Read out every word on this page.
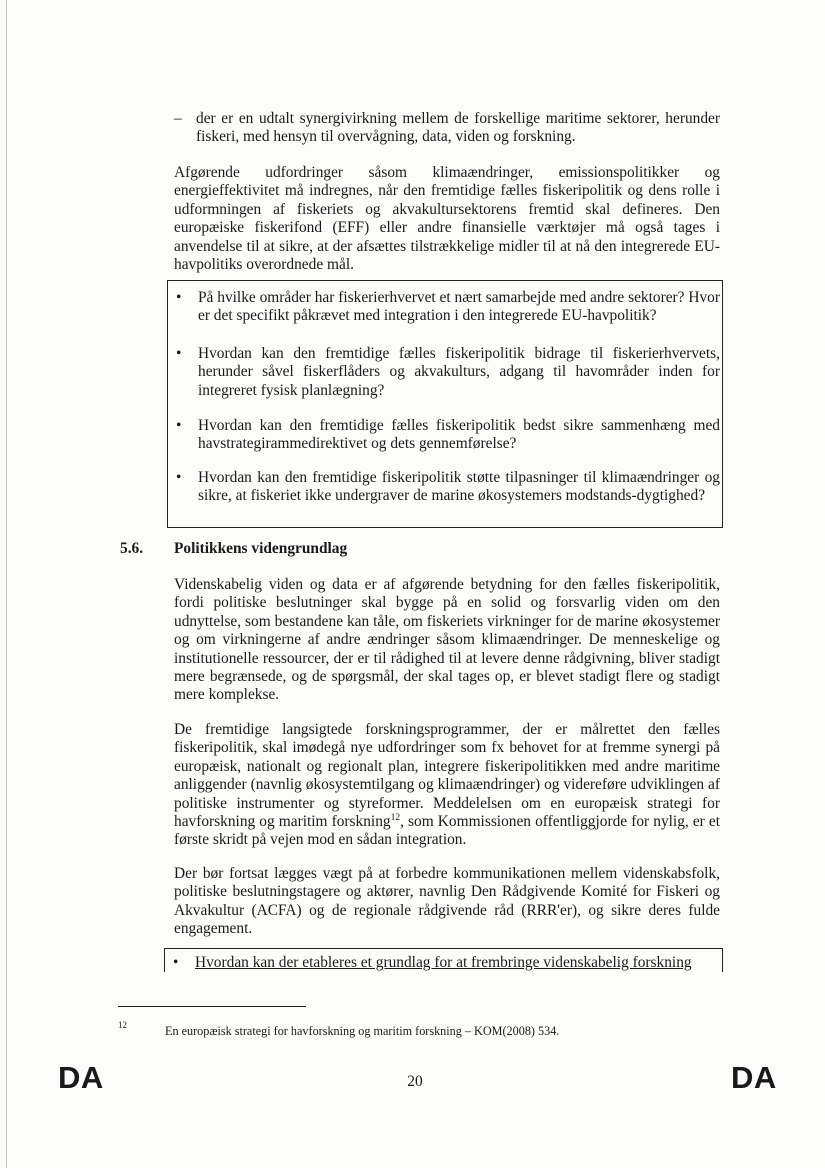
– der er en udtalt synergivirkning mellem de forskellige maritime sektorer, herunder fiskeri, med hensyn til overvågning, data, viden og forskning.

Afgørende udfordringer såsom klimaændringer, emissionspolitikker og energieffektivitet må indregnes, når den fremtidige fælles fiskeripolitik og dens rolle i udformningen af fiskeriets og akvakultursektorens fremtid skal defineres. Den europæiske fiskerifond (EFF) eller andre finansielle værktøjer må også tages i anvendelse til at sikre, at der afsættes tilstrækkelige midler til at nå den integrerede EU-havpolitiks overordnede mål.

•	På hvilke områder har fiskerierhvervet et nært samarbejde med andre sektorer? Hvor er det specifikt påkrævet med integration i den integrerede EU-havpolitik?
•	Hvordan kan den fremtidige fælles fiskeripolitik bidrage til fiskerierhvervets, herunder såvel fiskerflåders og akvakulturs, adgang til havområder inden for integreret fysisk planlægning?
•	Hvordan kan den fremtidige fælles fiskeripolitik bedst sikre sammenhæng med havstrategirammedirektivet og dets gennemførelse?
•	Hvordan kan den fremtidige fiskeripolitik støtte tilpasninger til klimaændringer og sikre, at fiskeriet ikke undergraver de marine økosystemers modstands-dygtighed?
5.6. Politikkens videngrundlag

Videnskabelig viden og data er af afgørende betydning for den fælles fiskeripolitik, fordi politiske beslutninger skal bygge på en solid og forsvarlig viden om den udnyttelse, som bestandene kan tåle, om fiskeriets virkninger for de marine økosystemer og om virkningerne af andre ændringer såsom klimaændringer. De menneskelige og institutionelle ressourcer, der er til rådighed til at levere denne rådgivning, bliver stadigt mere begrænsede, og de spørgsmål, der skal tages op, er blevet stadigt flere og stadigt mere komplekse.

De fremtidige langsigtede forskningsprogrammer, der er målrettet den fælles fiskeripolitik, skal imødegå nye udfordringer som fx behovet for at fremme synergi på europæisk, nationalt og regionalt plan, integrere fiskeripolitikken med andre maritime anliggender (navnlig økosystemtilgang og klimaændringer) og videreføre udviklingen af politiske instrumenter og styreformer. Meddelelsen om en europæisk strategi for havforskning og maritim forskning$^{12}$, som Kommissionen offentliggjorde for nylig, er et første skridt på vejen mod en sådan integration.

Der bør fortsat lægges vægt på at forbedre kommunikationen mellem videnskabsfolk, politiske beslutningstagere og aktører, navnlig Den Rådgivende Komité for Fiskeri og Akvakultur (ACFA) og de regionale rådgivende råd (RRR'er), og sikre deres fulde engagement.

•	Hvordan kan der etableres et grundlag for at frembringe videnskabelig forskning
12	En europæisk strategi for havforskning og maritim forskning – KOM(2008) 534.
DA	20	DA
